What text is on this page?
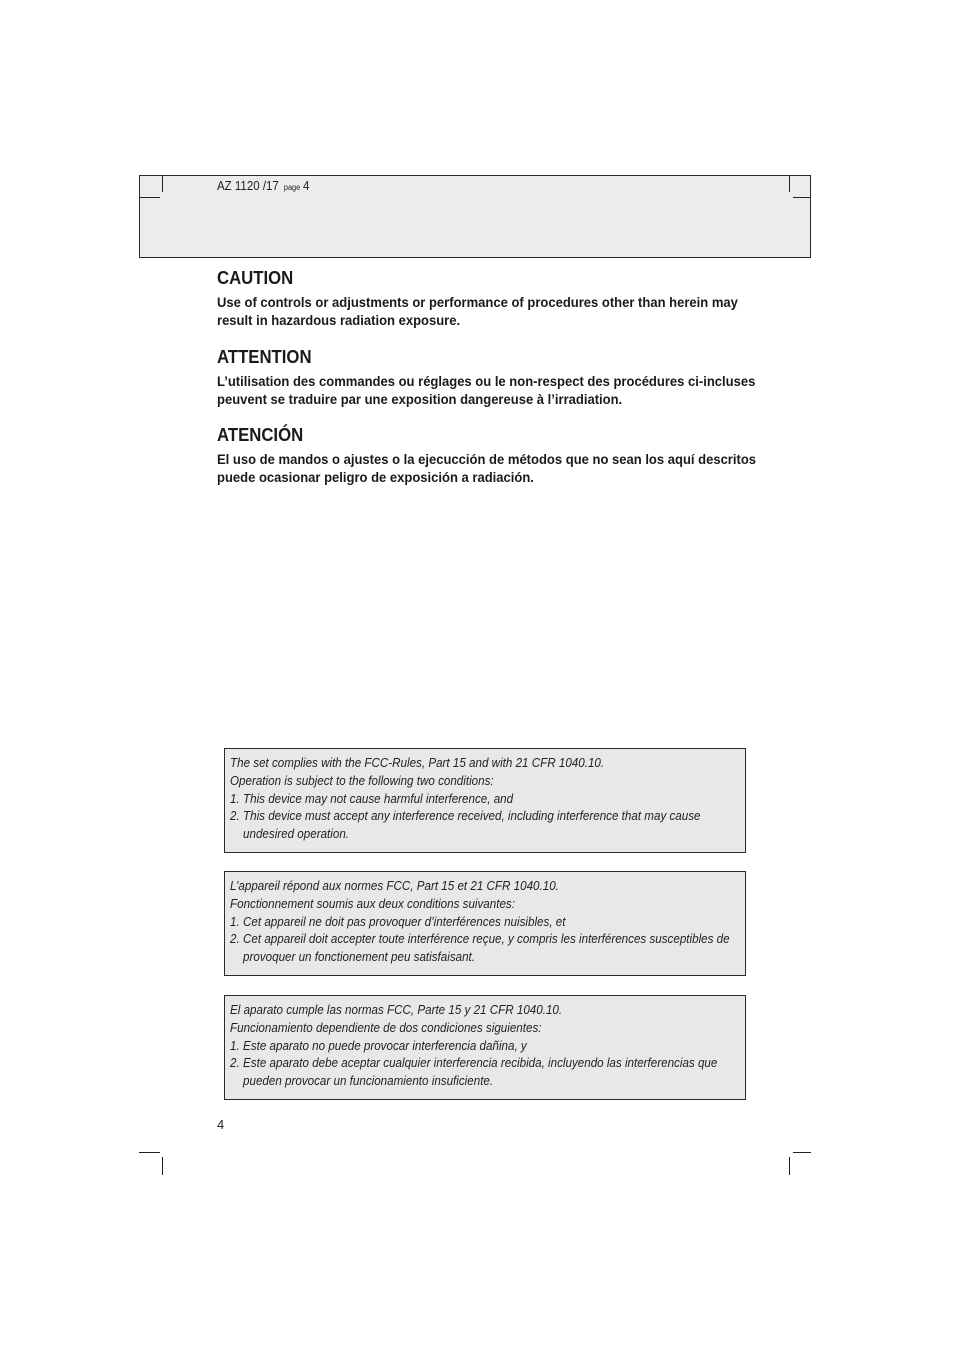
AZ 1120 /17 page 4
CAUTION

Use of controls or adjustments or performance of procedures other than herein may result in hazardous radiation exposure.

ATTENTION

L’utilisation des commandes ou réglages ou le non-respect des procédures ci-incluses peuvent se traduire par une exposition dangereuse à l’irradiation.

ATENCIÓN

El uso de mandos o ajustes o la ejecucción de métodos que no sean los aquí descritos puede ocasionar peligro de exposición a radiación.

The set complies with the FCC-Rules, Part 15 and with 21 CFR 1040.10.
Operation is subject to the following two conditions:
1. This device may not cause harmful interference, and
2. This device must accept any interference received, including interference that may cause undesired operation.
L’appareil répond aux normes FCC, Part 15 et 21 CFR 1040.10.
Fonctionnement soumis aux deux conditions suivantes:
1. Cet appareil ne doit pas provoquer d’interférences nuisibles, et
2. Cet appareil doit accepter toute interférence reçue, y compris les interférences susceptibles de provoquer un fonctionement peu satisfaisant.
El aparato cumple las normas FCC, Parte 15 y 21 CFR 1040.10.
Funcionamiento dependiente de dos condiciones siguientes:
1. Este aparato no puede provocar interferencia dañina, y
2. Este aparato debe aceptar cualquier interferencia recibida, incluyendo las interferencias que pueden provocar un funcionamiento insuficiente.
4
